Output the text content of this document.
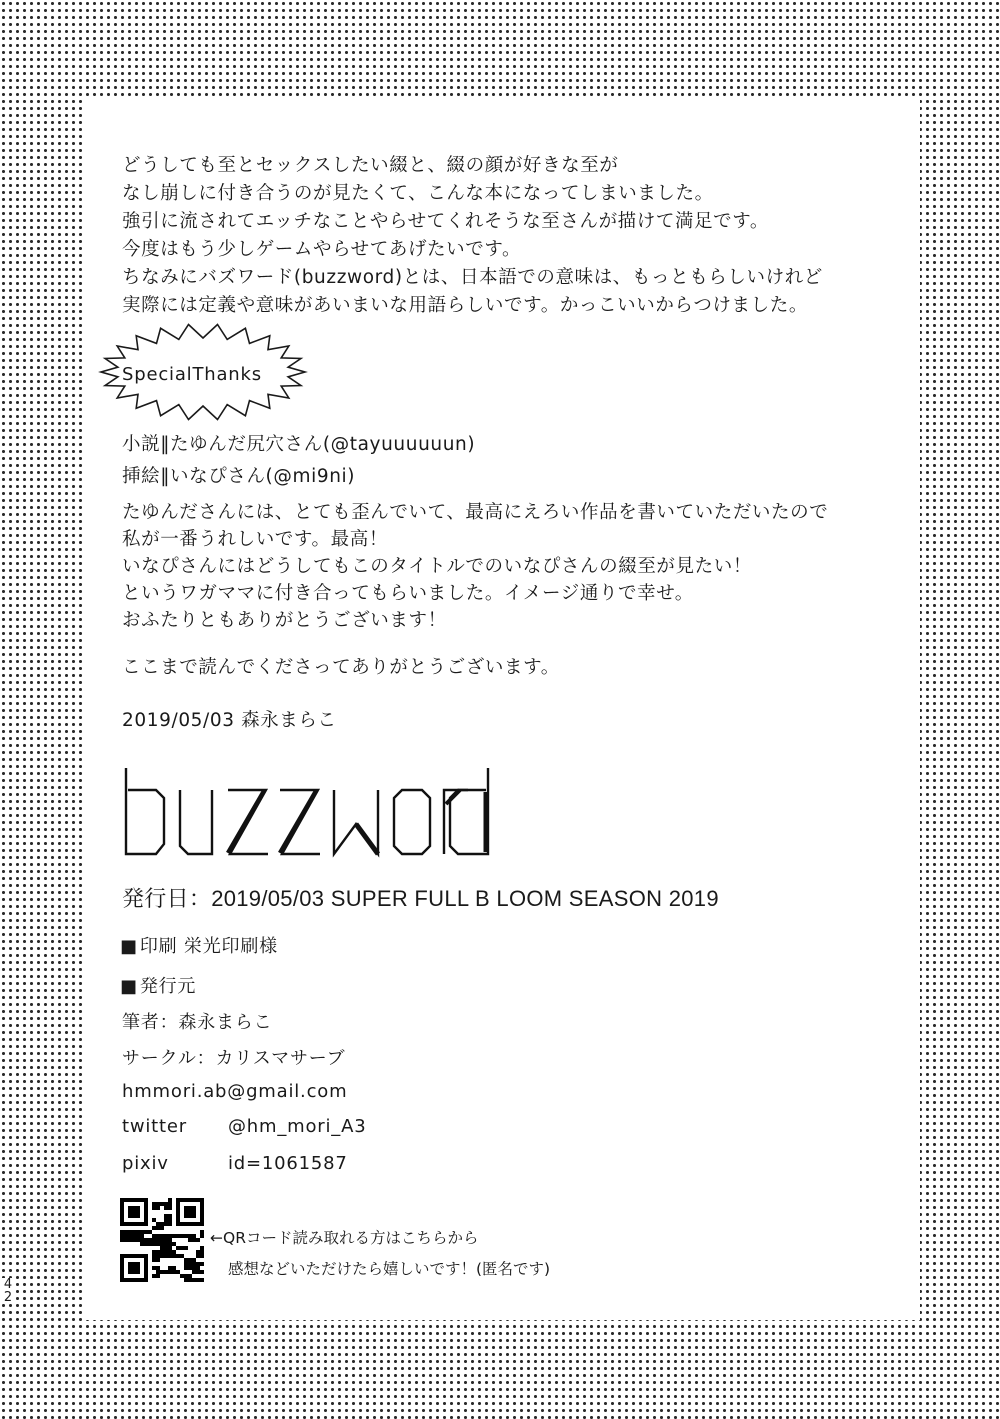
どうしても至とセックスしたい綴と、綴の顔が好きな至が
なし崩しに付き合うのが見たくて、こんな本になってしまいました。
強引に流されてエッチなことやらせてくれそうな至さんが描けて満足です。
今度はもう少しゲームやらせてあげたいです。
ちなみにバズワード(buzzword)とは、日本語での意味は、もっともらしいけれど
実際には定義や意味があいまいな用語らしいです。かっこいいからつけました。
SpecialThanks
小説‖たゆんだ尻穴さん(@tayuuuuuun)
挿絵‖いなぴさん(@mi9ni)
たゆんださんには、とても歪んでいて、最高にえろい作品を書いていただいたので
私が一番うれしいです。最高！
いなぴさんにはどうしてもこのタイトルでのいなぴさんの綴至が見たい！
というワガママに付き合ってもらいました。イメージ通りで幸せ。
おふたりともありがとうございます！
ここまで読んでくださってありがとうございます。
2019/05/03 森永まらこ
発行日：2019/05/03 SUPER FULL B LOOM SEASON 2019
■ 印刷 栄光印刷様
■ 発行元
筆者：森永まらこ
サークル：カリスマサーブ
hmmori.ab@gmail.com
twitter @hm_mori_A3
pixiv	id=1061587
←QRコード読み取れる方はこちらから
感想などいただけたら嬉しいです！(匿名です)
42
